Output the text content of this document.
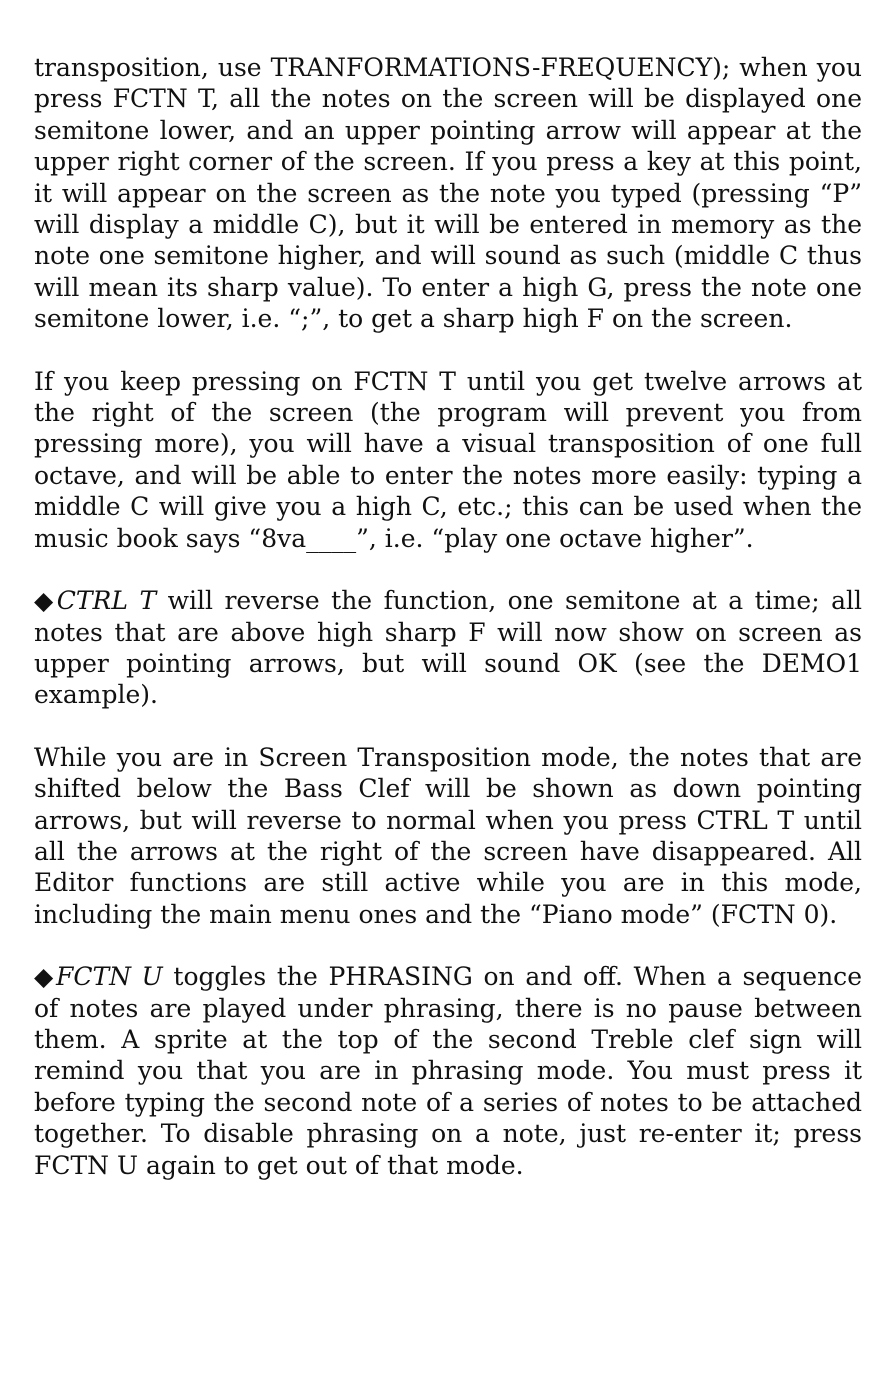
transposition, use TRANFORMATIONS-FREQUENCY); when you press FCTN T, all the notes on the screen will be displayed one semitone lower, and an upper pointing arrow will appear at the upper right corner of the screen. If you press a key at this point, it will appear on the screen as the note you typed (pressing “P” will display a middle C), but it will be entered in memory as the note one semitone higher, and will sound as such (middle C thus will mean its sharp value). To enter a high G, press the note one semitone lower, i.e. “;”, to get a sharp high F on the screen.

If you keep pressing on FCTN T until you get twelve arrows at the right of the screen (the program will prevent you from pressing more), you will have a visual transposition of one full octave, and will be able to enter the notes more easily: typing a middle C will give you a high C, etc.; this can be used when the music book says “8va____”, i.e. “play one octave higher”.

◆CTRL T will reverse the function, one semitone at a time; all notes that are above high sharp F will now show on screen as upper pointing arrows, but will sound OK (see the DEMO1 example).

While you are in Screen Transposition mode, the notes that are shifted below the Bass Clef will be shown as down pointing arrows, but will reverse to normal when you press CTRL T until all the arrows at the right of the screen have disappeared. All Editor functions are still active while you are in this mode, including the main menu ones and the “Piano mode” (FCTN 0).

◆FCTN U toggles the PHRASING on and off. When a sequence of notes are played under phrasing, there is no pause between them. A sprite at the top of the second Treble clef sign will remind you that you are in phrasing mode. You must press it before typing the second note of a series of notes to be attached together. To disable phrasing on a note, just re-enter it; press FCTN U again to get out of that mode.
